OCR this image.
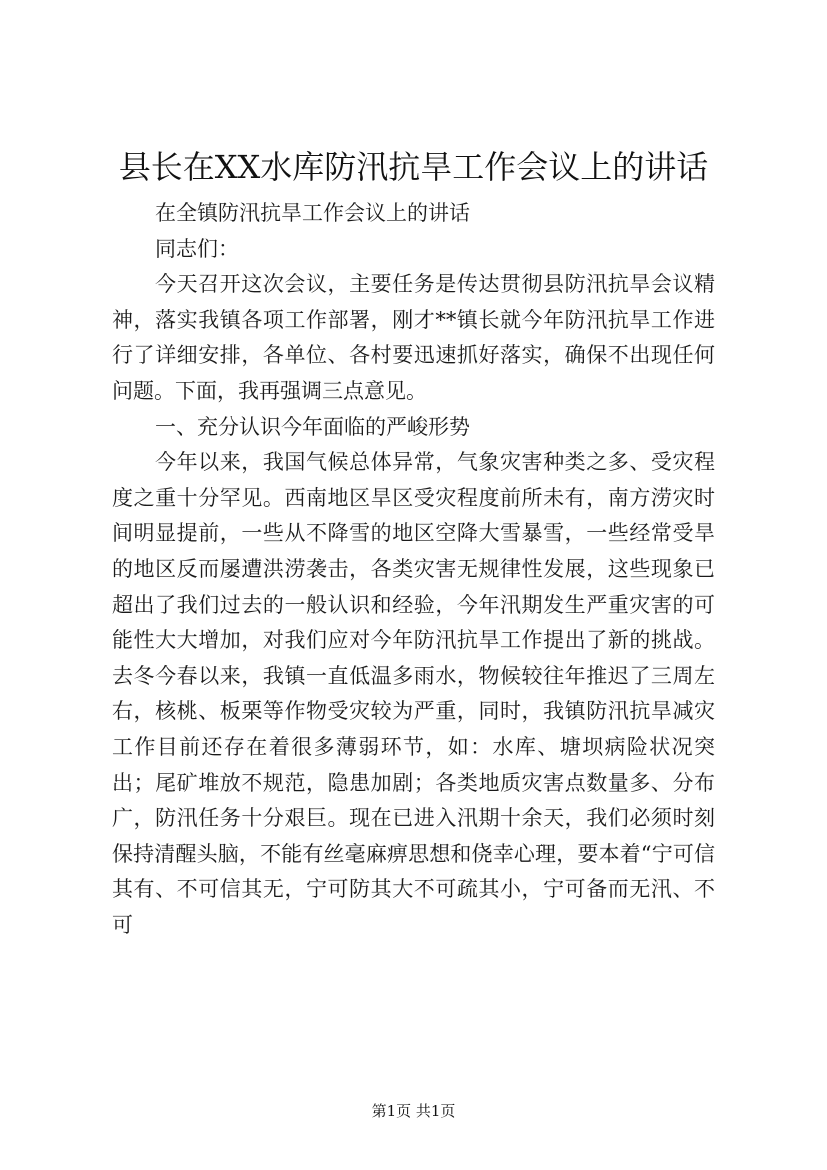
县长在XX水库防汛抗旱工作会议上的讲话

在全镇防汛抗旱工作会议上的讲话

同志们：

今天召开这次会议，主要任务是传达贯彻县防汛抗旱会议精神，落实我镇各项工作部署，刚才**镇长就今年防汛抗旱工作进行了详细安排，各单位、各村要迅速抓好落实，确保不出现任何问题。下面，我再强调三点意见。

一、充分认识今年面临的严峻形势

今年以来，我国气候总体异常，气象灾害种类之多、受灾程度之重十分罕见。西南地区旱区受灾程度前所未有，南方涝灾时间明显提前，一些从不降雪的地区空降大雪暴雪，一些经常受旱的地区反而屡遭洪涝袭击，各类灾害无规律性发展，这些现象已超出了我们过去的一般认识和经验，今年汛期发生严重灾害的可能性大大增加，对我们应对今年防汛抗旱工作提出了新的挑战。去冬今春以来，我镇一直低温多雨水，物候较往年推迟了三周左右，核桃、板栗等作物受灾较为严重，同时，我镇防汛抗旱减灾工作目前还存在着很多薄弱环节，如：水库、塘坝病险状况突出；尾矿堆放不规范，隐患加剧；各类地质灾害点数量多、分布广，防汛任务十分艰巨。现在已进入汛期十余天，我们必须时刻保持清醒头脑，不能有丝毫麻痹思想和侥幸心理，要本着“宁可信其有、不可信其无，宁可防其大不可疏其小，宁可备而无汛、不可

第1页 共1页
